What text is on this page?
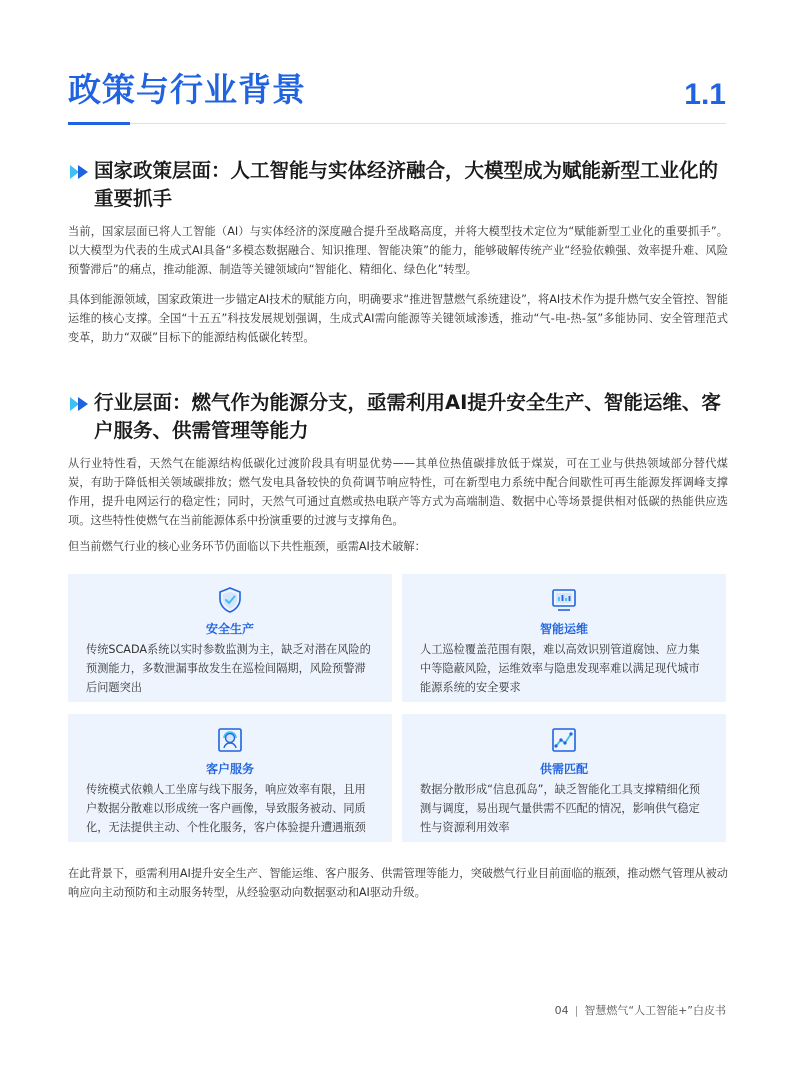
政策与行业背景	1.1
国家政策层面：人工智能与实体经济融合，大模型成为赋能新型工业化的重要抓手

当前，国家层面已将人工智能（AI）与实体经济的深度融合提升至战略高度，并将大模型技术定位为“赋能新型工业化的重要抓手”。以大模型为代表的生成式AI具备“多模态数据融合、知识推理、智能决策”的能力，能够破解传统产业“经验依赖强、效率提升难、风险预警滞后”的痛点，推动能源、制造等关键领域向“智能化、精细化、绿色化”转型。

具体到能源领域，国家政策进一步锚定AI技术的赋能方向，明确要求“推进智慧燃气系统建设”，将AI技术作为提升燃气安全管控、智能运维的核心支撑。全国“十五五”科技发展规划强调，生成式AI需向能源等关键领域渗透，推动“气-电-热-氢”多能协同、安全管理范式变革，助力“双碳”目标下的能源结构低碳化转型。

行业层面：燃气作为能源分支，亟需利用AI提升安全生产、智能运维、客户服务、供需管理等能力

从行业特性看，天然气在能源结构低碳化过渡阶段具有明显优势——其单位热值碳排放低于煤炭，可在工业与供热领域部分替代煤炭，有助于降低相关领域碳排放；燃气发电具备较快的负荷调节响应特性，可在新型电力系统中配合间歇性可再生能源发挥调峰支撑作用，提升电网运行的稳定性；同时，天然气可通过直燃或热电联产等方式为高端制造、数据中心等场景提供相对低碳的热能供应选项。这些特性使燃气在当前能源体系中扮演重要的过渡与支撑角色。

但当前燃气行业的核心业务环节仍面临以下共性瓶颈，亟需AI技术破解：

安全生产
传统SCADA系统以实时参数监测为主，缺乏对潜在风险的预测能力，多数泄漏事故发生在巡检间隔期，风险预警滞后问题突出
智能运维
人工巡检覆盖范围有限，难以高效识别管道腐蚀、应力集中等隐蔽风险，运维效率与隐患发现率难以满足现代城市能源系统的安全要求
客户服务
传统模式依赖人工坐席与线下服务，响应效率有限，且用户数据分散难以形成统一客户画像，导致服务被动、同质化，无法提供主动、个性化服务，客户体验提升遭遇瓶颈
供需匹配
数据分散形成“信息孤岛”，缺乏智能化工具支撑精细化预测与调度，易出现气量供需不匹配的情况，影响供气稳定性与资源利用效率

在此背景下，亟需利用AI提升安全生产、智能运维、客户服务、供需管理等能力，突破燃气行业目前面临的瓶颈，推动燃气管理从被动响应向主动预防和主动服务转型，从经验驱动向数据驱动和AI驱动升级。

04 | 智慧燃气“人工智能+”白皮书
